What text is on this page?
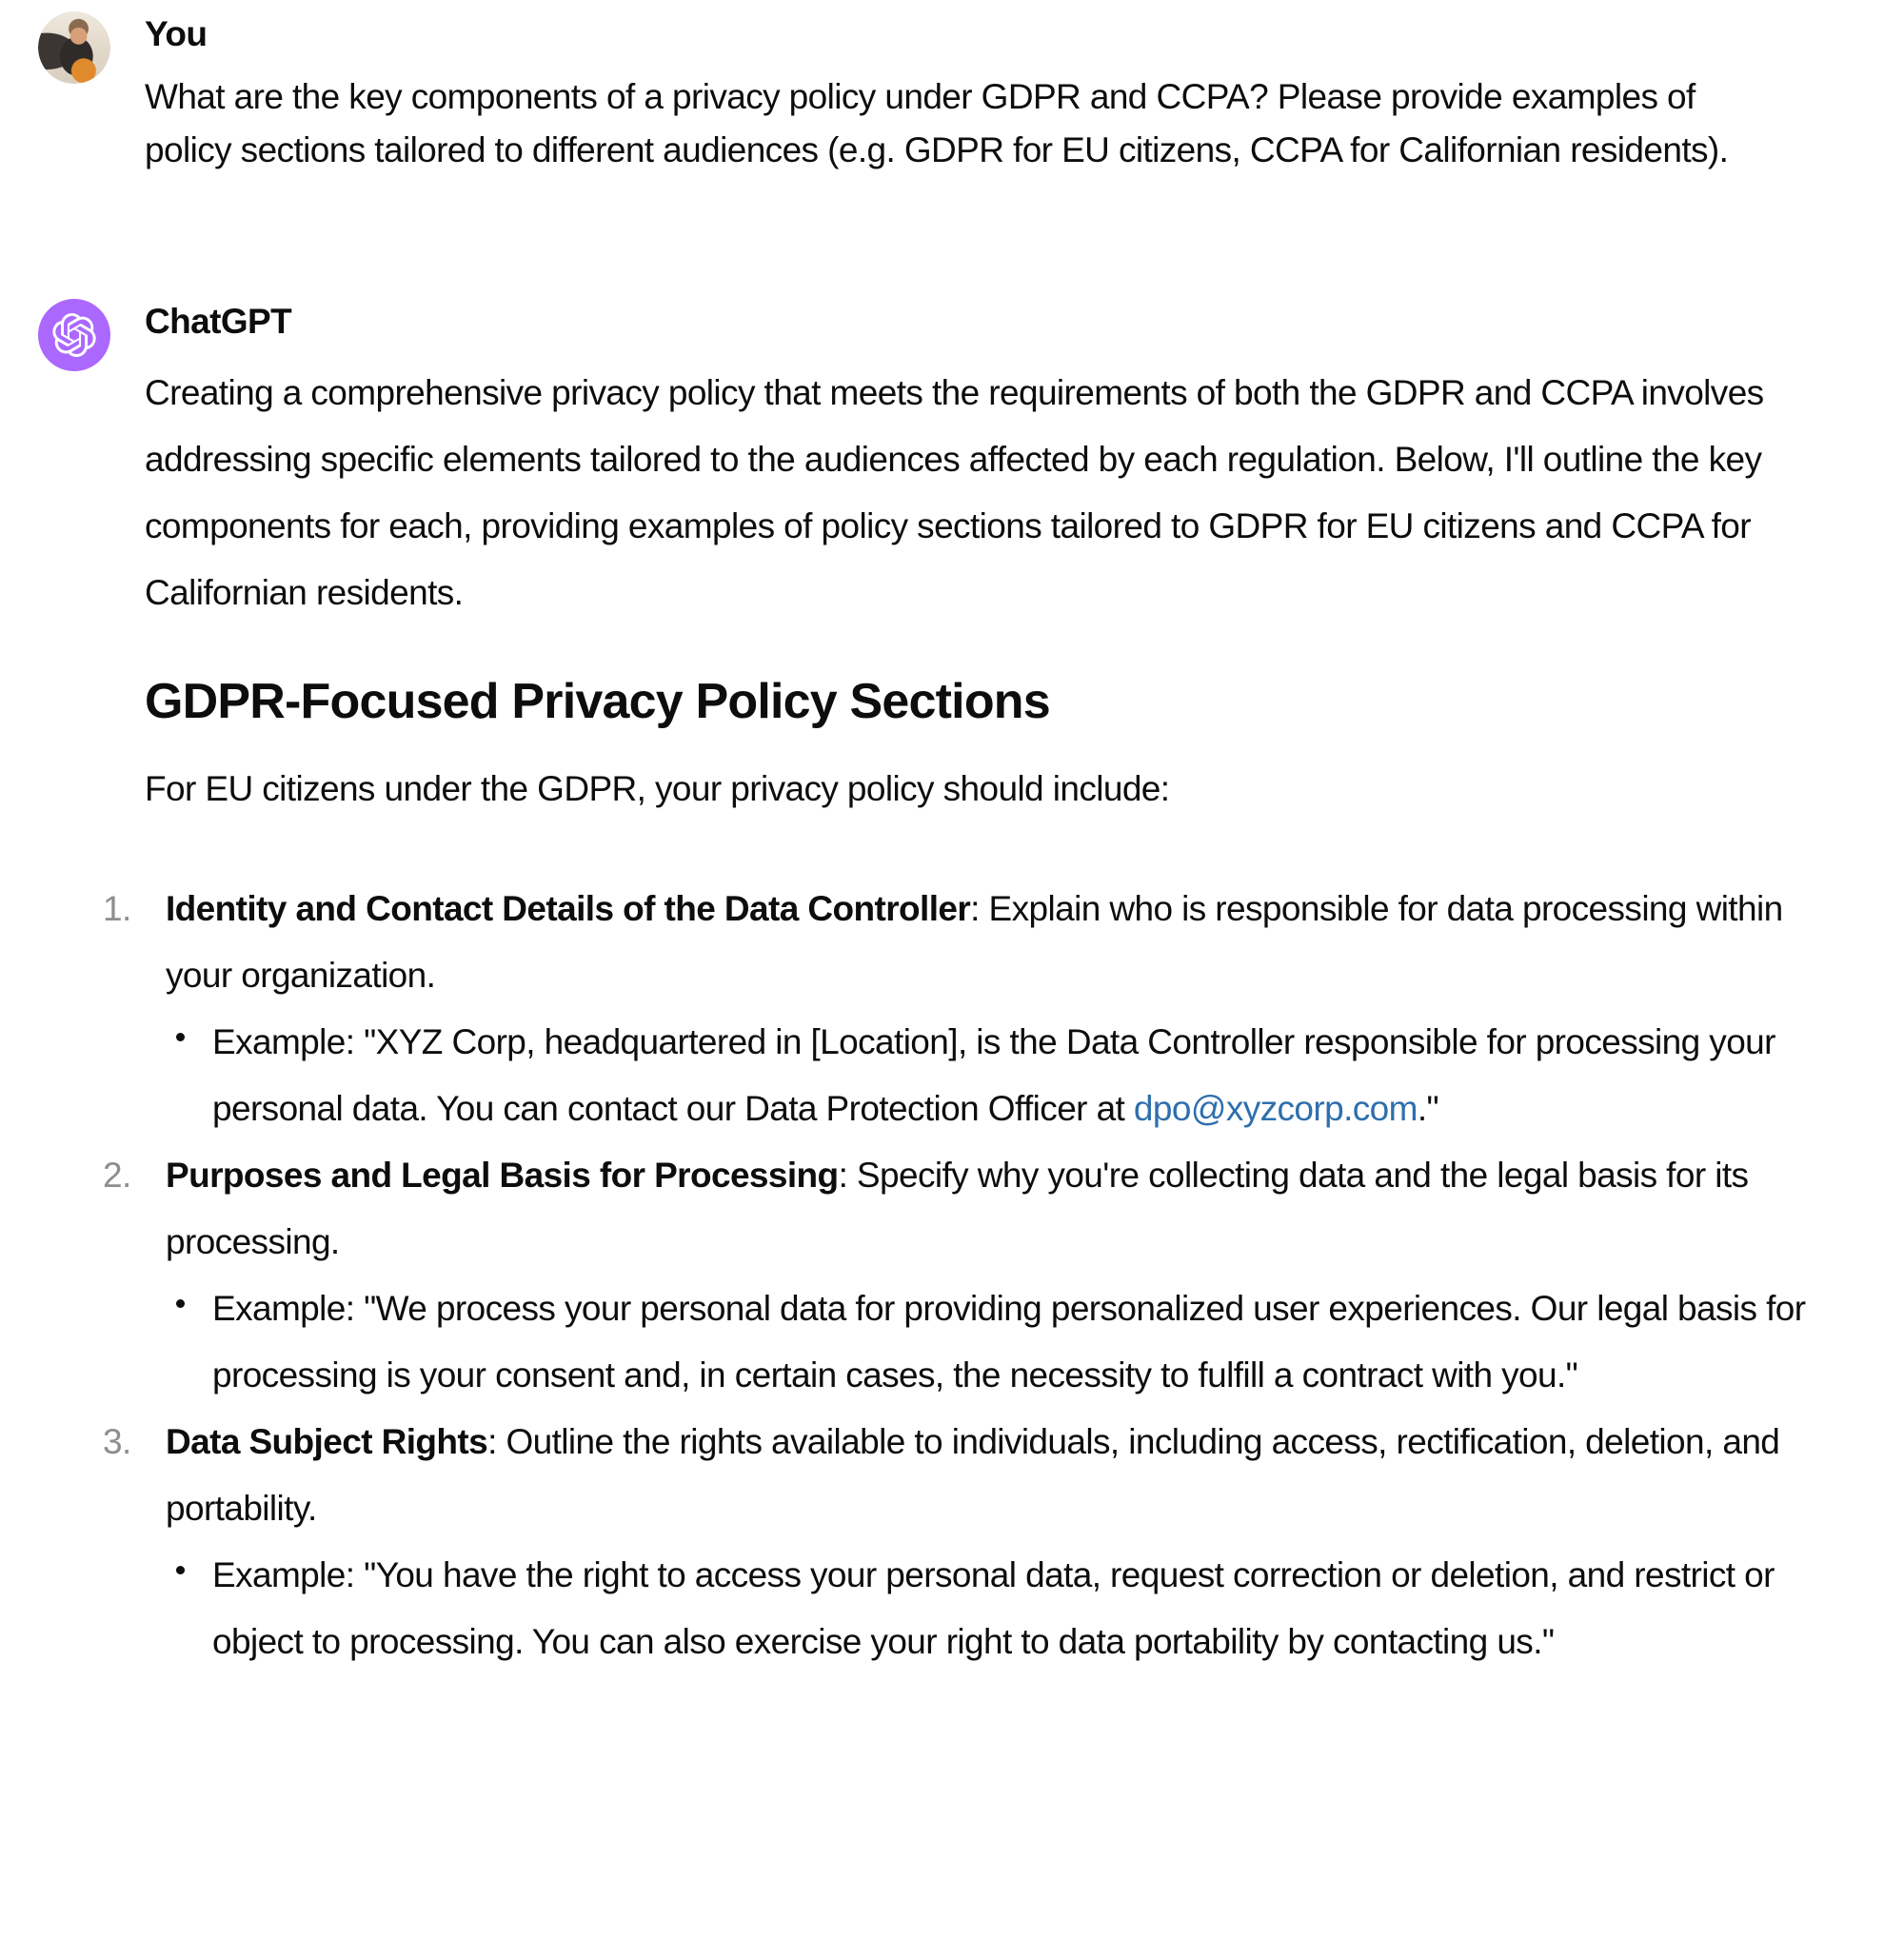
You

What are the key components of a privacy policy under GDPR and CCPA? Please provide examples of policy sections tailored to different audiences (e.g. GDPR for EU citizens, CCPA for Californian residents).

ChatGPT

Creating a comprehensive privacy policy that meets the requirements of both the GDPR and CCPA involves addressing specific elements tailored to the audiences affected by each regulation. Below, I'll outline the key components for each, providing examples of policy sections tailored to GDPR for EU citizens and CCPA for Californian residents.

GDPR-Focused Privacy Policy Sections

For EU citizens under the GDPR, your privacy policy should include:

1. Identity and Contact Details of the Data Controller: Explain who is responsible for data processing within your organization.
Example: "XYZ Corp, headquartered in [Location], is the Data Controller responsible for processing your personal data. You can contact our Data Protection Officer at dpo@xyzcorp.com."
2. Purposes and Legal Basis for Processing: Specify why you're collecting data and the legal basis for its processing.
Example: "We process your personal data for providing personalized user experiences. Our legal basis for processing is your consent and, in certain cases, the necessity to fulfill a contract with you."
3. Data Subject Rights: Outline the rights available to individuals, including access, rectification, deletion, and portability.
Example: "You have the right to access your personal data, request correction or deletion, and restrict or object to processing. You can also exercise your right to data portability by contacting us."
